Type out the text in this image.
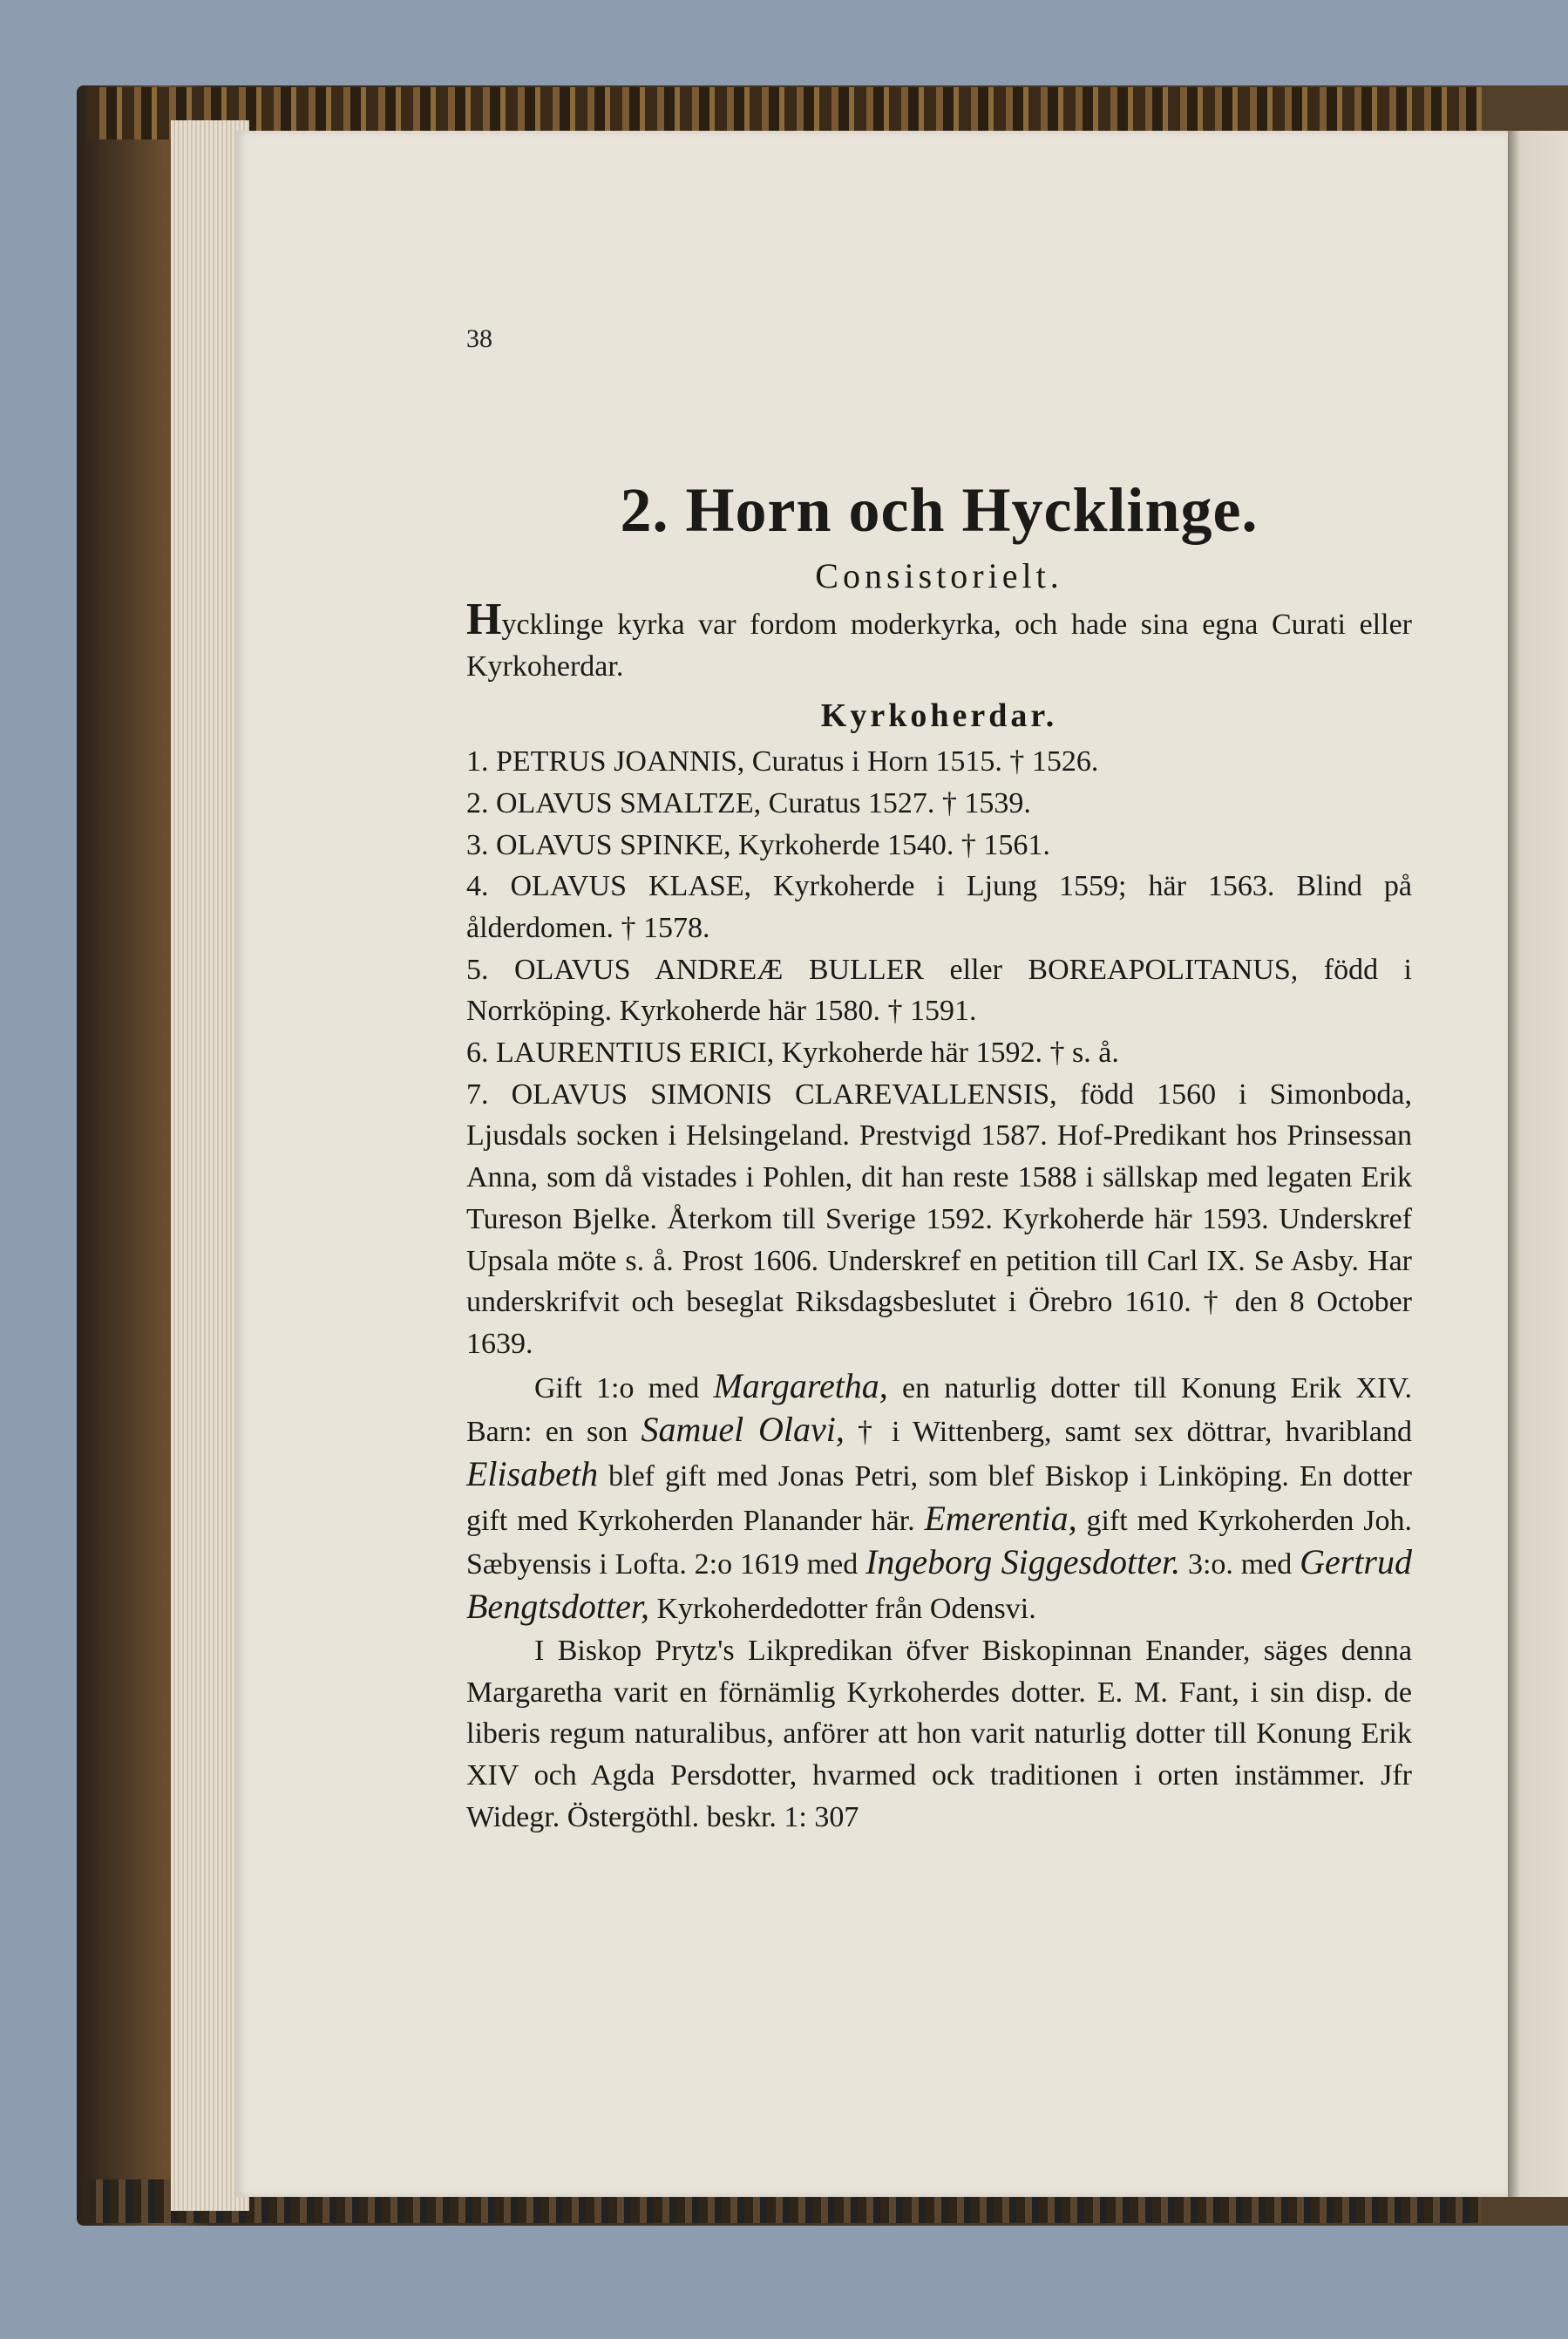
38
2. Horn och Hycklinge.
Consistorielt.

Hycklinge kyrka var fordom moderkyrka, och hade sina egna Curati eller Kyrkoherdar.

Kyrkoherdar.

1. PETRUS JOANNIS, Curatus i Horn 1515. † 1526.

2. OLAVUS SMALTZE, Curatus 1527. † 1539.

3. OLAVUS SPINKE, Kyrkoherde 1540. † 1561.

4. OLAVUS KLASE, Kyrkoherde i Ljung 1559; här 1563. Blind på ålderdomen. † 1578.

5. OLAVUS ANDREÆ BULLER eller BOREAPOLITANUS, född i Norrköping. Kyrkoherde här 1580. † 1591.

6. LAURENTIUS ERICI, Kyrkoherde här 1592. † s. å.

7. OLAVUS SIMONIS CLAREVALLENSIS, född 1560 i Simonboda, Ljusdals socken i Helsingeland. Prestvigd 1587. Hof-Predikant hos Prinsessan Anna, som då vistades i Pohlen, dit han reste 1588 i sällskap med legaten Erik Tureson Bjelke. Återkom till Sverige 1592. Kyrkoherde här 1593. Underskref Upsala möte s. å. Prost 1606. Underskref en petition till Carl IX. Se Asby. Har underskrifvit och beseglat Riksdagsbeslutet i Örebro 1610. † den 8 October 1639.

Gift 1:o med Margaretha, en naturlig dotter till Konung Erik XIV. Barn: en son Samuel Olavi, † i Wittenberg, samt sex döttrar, hvaribland Elisabeth blef gift med Jonas Petri, som blef Biskop i Linköping. En dotter gift med Kyrkoherden Planander här. Emerentia, gift med Kyrkoherden Joh. Sæbyensis i Lofta. 2:o 1619 med Ingeborg Siggesdotter. 3:o. med Gertrud Bengtsdotter, Kyrkoherdedotter från Odensvi.

I Biskop Prytz's Likpredikan öfver Biskopinnan Enander, säges denna Margaretha varit en förnämlig Kyrkoherdes dotter. E. M. Fant, i sin disp. de liberis regum naturalibus, anförer att hon varit naturlig dotter till Konung Erik XIV och Agda Persdotter, hvarmed ock traditionen i orten instämmer. Jfr Widegr. Östergöthl. beskr. 1: 307
